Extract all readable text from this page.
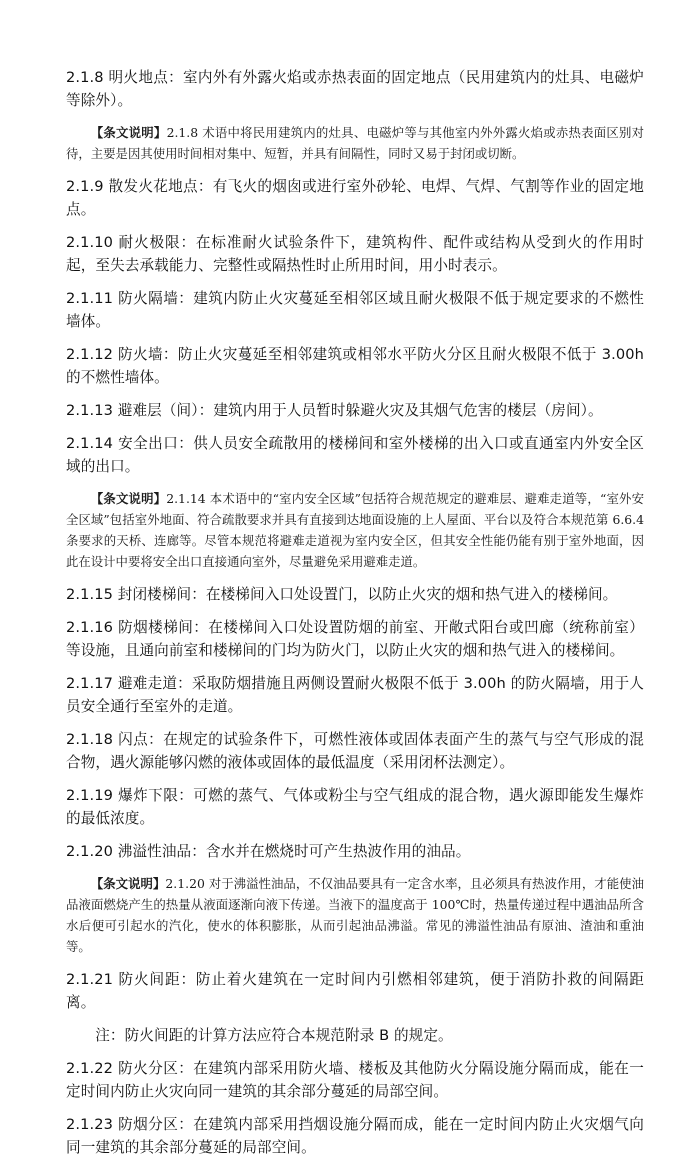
2.1.8 明火地点：室内外有外露火焰或赤热表面的固定地点（民用建筑内的灶具、电磁炉等除外）。

【条文说明】2.1.8 术语中将民用建筑内的灶具、电磁炉等与其他室内外外露火焰或赤热表面区别对待，主要是因其使用时间相对集中、短暂，并具有间隔性，同时又易于封闭或切断。

2.1.9 散发火花地点：有飞火的烟囱或进行室外砂轮、电焊、气焊、气割等作业的固定地点。

2.1.10 耐火极限：在标准耐火试验条件下，建筑构件、配件或结构从受到火的作用时起，至失去承载能力、完整性或隔热性时止所用时间，用小时表示。

2.1.11 防火隔墙：建筑内防止火灾蔓延至相邻区域且耐火极限不低于规定要求的不燃性墙体。

2.1.12 防火墙：防止火灾蔓延至相邻建筑或相邻水平防火分区且耐火极限不低于 3.00h 的不燃性墙体。

2.1.13 避难层（间）：建筑内用于人员暂时躲避火灾及其烟气危害的楼层（房间）。

2.1.14 安全出口：供人员安全疏散用的楼梯间和室外楼梯的出入口或直通室内外安全区域的出口。

【条文说明】2.1.14 本术语中的“室内安全区域”包括符合规范规定的避难层、避难走道等，“室外安全区域”包括室外地面、符合疏散要求并具有直接到达地面设施的上人屋面、平台以及符合本规范第 6.6.4 条要求的天桥、连廊等。尽管本规范将避难走道视为室内安全区，但其安全性能仍能有别于室外地面，因此在设计中要将安全出口直接通向室外，尽量避免采用避难走道。

2.1.15 封闭楼梯间：在楼梯间入口处设置门，以防止火灾的烟和热气进入的楼梯间。

2.1.16 防烟楼梯间：在楼梯间入口处设置防烟的前室、开敞式阳台或凹廊（统称前室）等设施，且通向前室和楼梯间的门均为防火门，以防止火灾的烟和热气进入的楼梯间。

2.1.17 避难走道：采取防烟措施且两侧设置耐火极限不低于 3.00h 的防火隔墙，用于人员安全通行至室外的走道。

2.1.18 闪点：在规定的试验条件下，可燃性液体或固体表面产生的蒸气与空气形成的混合物，遇火源能够闪燃的液体或固体的最低温度（采用闭杯法测定）。

2.1.19 爆炸下限：可燃的蒸气、气体或粉尘与空气组成的混合物，遇火源即能发生爆炸的最低浓度。

2.1.20 沸溢性油品：含水并在燃烧时可产生热波作用的油品。

【条文说明】2.1.20 对于沸溢性油品，不仅油品要具有一定含水率，且必须具有热波作用，才能使油品液面燃烧产生的热量从液面逐渐向液下传递。当液下的温度高于 100℃时，热量传递过程中遇油品所含水后便可引起水的汽化，使水的体积膨胀，从而引起油品沸溢。常见的沸溢性油品有原油、渣油和重油等。

2.1.21 防火间距：防止着火建筑在一定时间内引燃相邻建筑，便于消防扑救的间隔距离。

注：防火间距的计算方法应符合本规范附录 B 的规定。

2.1.22 防火分区：在建筑内部采用防火墙、楼板及其他防火分隔设施分隔而成，能在一定时间内防止火灾向同一建筑的其余部分蔓延的局部空间。

2.1.23 防烟分区：在建筑内部采用挡烟设施分隔而成，能在一定时间内防止火灾烟气向同一建筑的其余部分蔓延的局部空间。
